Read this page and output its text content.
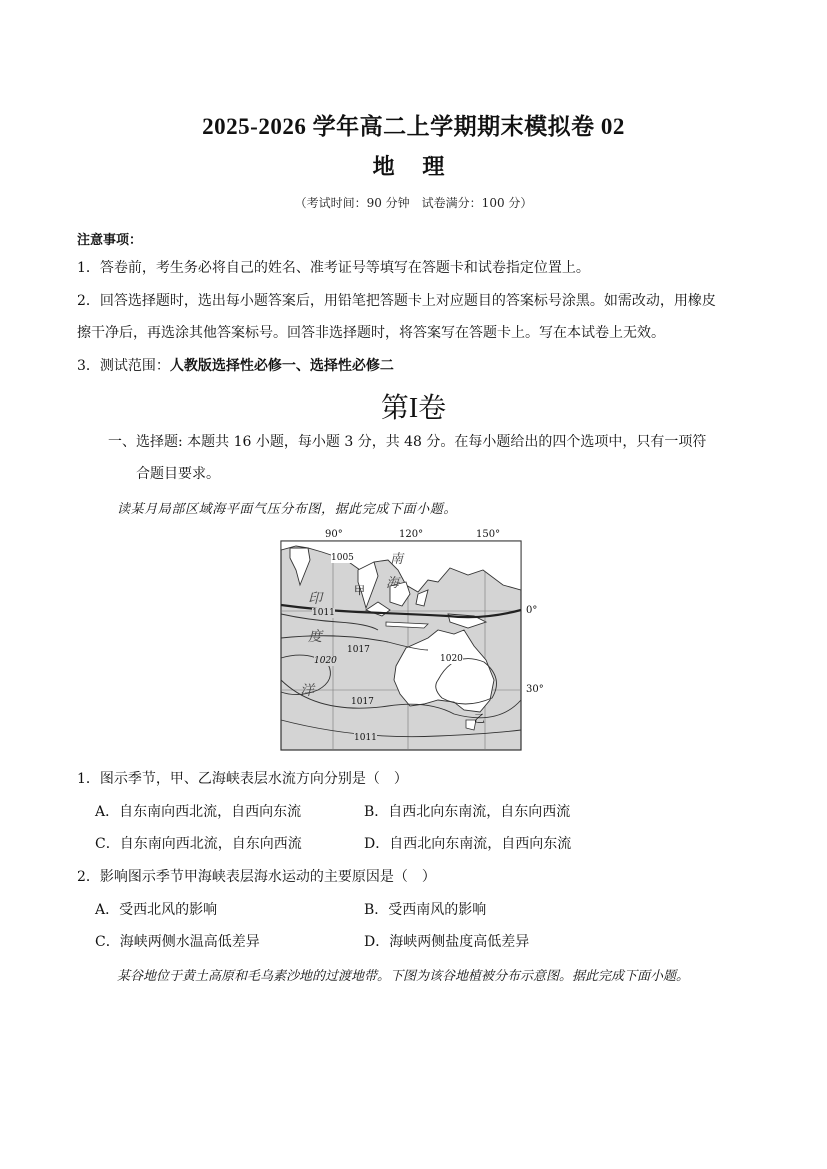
2025-2026 学年高二上学期期末模拟卷 02
地 理
（考试时间：90 分钟　试卷满分：100 分）
注意事项：
1．答卷前，考生务必将自己的姓名、准考证号等填写在答题卡和试卷指定位置上。
2．回答选择题时，选出每小题答案后，用铅笔把答题卡上对应题目的答案标号涂黑。如需改动，用橡皮
擦干净后，再选涂其他答案标号。回答非选择题时，将答案写在答题卡上。写在本试卷上无效。
3．测试范围：人教版选择性必修一、选择性必修二
第I卷
一、选择题: 本题共 16 小题，每小题 3 分，共 48 分。在每小题给出的四个选项中，只有一项符
合题目要求。
读某月局部区域海平面气压分布图，据此完成下面小题。
90°	120°	150°
0°
30°
1005
1011
1017
1020	1020
1017
1011
南
海
印
度
洋
甲
乙
1．图示季节，甲、乙海峡表层水流方向分别是（　）
A．自东南向西北流，自西向东流	B．自西北向东南流，自东向西流
C．自东南向西北流，自东向西流	D．自西北向东南流，自西向东流
2．影响图示季节甲海峡表层海水运动的主要原因是（　）
A．受西北风的影响	B．受西南风的影响
C．海峡两侧水温高低差异	D．海峡两侧盐度高低差异
某谷地位于黄土高原和毛乌素沙地的过渡地带。下图为该谷地植被分布示意图。据此完成下面小题。
